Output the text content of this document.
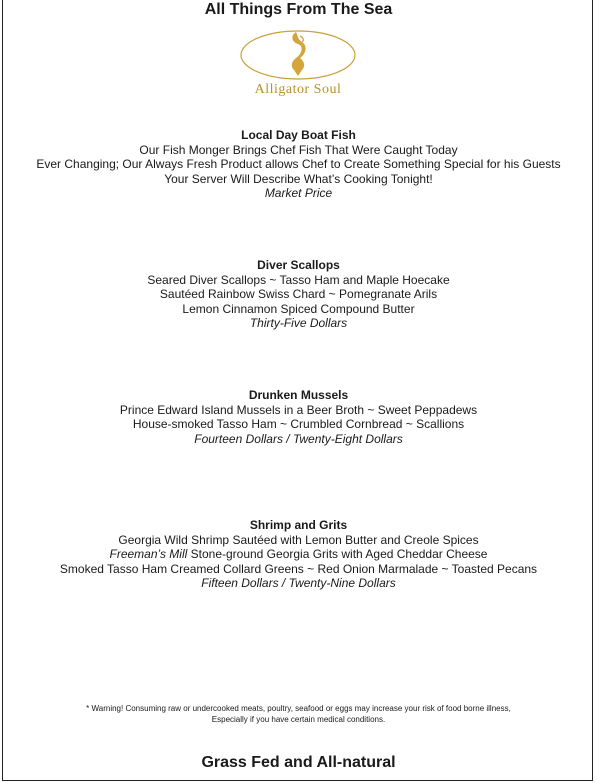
All Things From The Sea
Alligator Soul
Local Day Boat Fish
Our Fish Monger Brings Chef Fish That Were Caught Today
Ever Changing; Our Always Fresh Product allows Chef to Create Something Special for his Guests
Your Server Will Describe What’s Cooking Tonight!
Market Price
Diver Scallops
Seared Diver Scallops ~ Tasso Ham and Maple Hoecake
Sautéed Rainbow Swiss Chard ~ Pomegranate Arils
Lemon Cinnamon Spiced Compound Butter
Thirty-Five Dollars
Drunken Mussels
Prince Edward Island Mussels in a Beer Broth ~ Sweet Peppadews
House-smoked Tasso Ham ~ Crumbled Cornbread ~ Scallions
Fourteen Dollars / Twenty-Eight Dollars
Shrimp and Grits
Georgia Wild Shrimp Sautéed with Lemon Butter and Creole Spices
Freeman’s Mill Stone-ground Georgia Grits with Aged Cheddar Cheese
Smoked Tasso Ham Creamed Collard Greens ~ Red Onion Marmalade ~ Toasted Pecans
Fifteen Dollars / Twenty-Nine Dollars
* Warning! Consuming raw or undercooked meats, poultry, seafood or eggs may increase your risk of food borne illness,
Especially if you have certain medical conditions.
Grass Fed and All-natural
